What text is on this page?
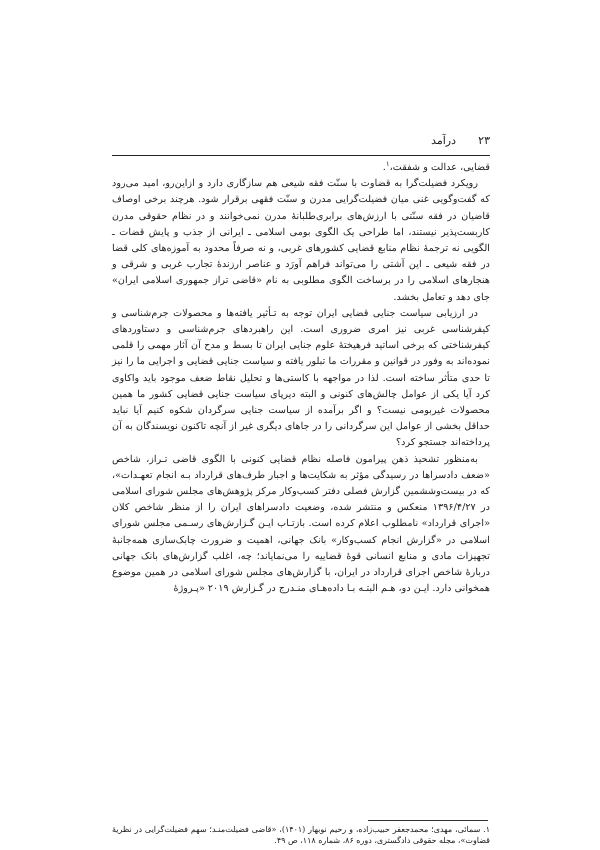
۲۳
درآمد

قضایی، عدالت و شفقت،$^۱$.

رویکرد فضیلت‌گرا به قضاوت با سنّت فقه شیعی هم سازگاری دارد و ازاین‌رو، امید می‌رود که گفت‌وگویی غنی میان فضیلت‌گرایی مدرن و سنّت فقهی برقرار شود. هرچند برخی اوصاف قاضیان در فقه سنّتی با ارزش‌های برابری‌طلبانهٔ مدرن نمی‌خوانند و در نظام حقوقی مدرن کاربست‌پذیر نیستند، اما طراحی یک الگوی بومی اسلامی ـ ایرانی از جذب و پایش قضات ـ الگویی نه ترجمهٔ نظام منابع قضایی کشورهای غربی، و نه صرفاً محدود به آموزه‌های کلی قضا در فقه شیعی ـ این آشتی را می‌تواند فراهم آورَد و عناصر ارزندهٔ تجارب غربی و شرقی و هنجارهای اسلامی را در برساخت الگوی مطلوبی به نام «قاضی تراز جمهوری اسلامی ایران» جای دهد و تعامل بخشد.

در ارزیابی سیاست جنایی قضایی ایران توجه به تـأثیر یافته‌ها و محصولات جرم‌شناسی و کیفرشناسی غربی نیز امری ضروری است. این راهبردهای جرم‌شناسی و دستاوردهای کیفرشناختی که برخی اساتید فرهیختهٔ علوم جنایی ایران تا بسط و مدح آن آثار مهمی را قلمی نموده‌اند به وفور در قوانین و مقررات ما تبلور یافته و سیاست جنایی قضایی و اجرایی ما را نیز تا حدی متأثر ساخته است. لذا در مواجهه با کاستی‌ها و تحلیل نقاط ضعف موجود باید واکاوی کرد آیا یکی از عوامل چالش‌های کنونی و البته دیرپای سیاست جنایی قضایی کشور ما همین محصولات غیربومی نیست؟ و اگر برآمده از سیاست جنایی سرگردان شکوه کنیم آیا نباید حداقل بخشی از عوامل این سرگردانی را در جاهای دیگری غیر از آنچه تاکنون نویسندگان به آن پرداخته‌اند جستجو کرد؟

به‌منظور تشحیذ ذهن پیرامون فاصله نظام قضایی کنونی با الگوی قاضی تـراز، شاخص «ضعف دادسراها در رسیدگی مؤثر به شکایت‌ها و اجبار طرف‌های قرارداد بـه انجام تعهـدات»، که در بیست‌وششمین گزارش فصلی دفتر کسب‌وکار مرکز پژوهش‌های مجلس شورای اسلامی در ۱۳۹۶/۴/۲۷ منعکس و منتشر شده، وضعیت دادسراهای ایران را از منظر شاخص کلان «اجرای قرارداد» نامطلوب اعلام کرده است. بازتـاب ایـن گـزارش‌های رسـمی مجلس شورای اسلامی در «گزارش انجام کسب‌وکار» بانک جهانی، اهمیت و ضرورت چابک‌سازی همه‌جانبهٔ تجهیزات مادی و منابع انسانی قوهٔ قضاییه را می‌نمایاند؛ چه، اغلب گزارش‌های بانک جهانی دربارهٔ شاخص اجرای قرارداد در ایران، با گزارش‌های مجلس شورای اسلامی در همین موضوع همخوانی دارد. ایـن دو، هـم البتـه بـا داده‌هـای منـدرج در گـزارش ۲۰۱۹ «پـروژهٔ

۱. سمائی، مهدی؛ محمدجعفر حبیب‌زاده، و رحیم نوبهار (۱۴۰۱)، «قاضی فضیلت‌منـد؛ سهم فضیلت‌گرایی در نظریهٔ قضاوت»، مجله حقوقی دادگستری، دوره ۸۶، شماره ۱۱۸، ص ۴۹.
